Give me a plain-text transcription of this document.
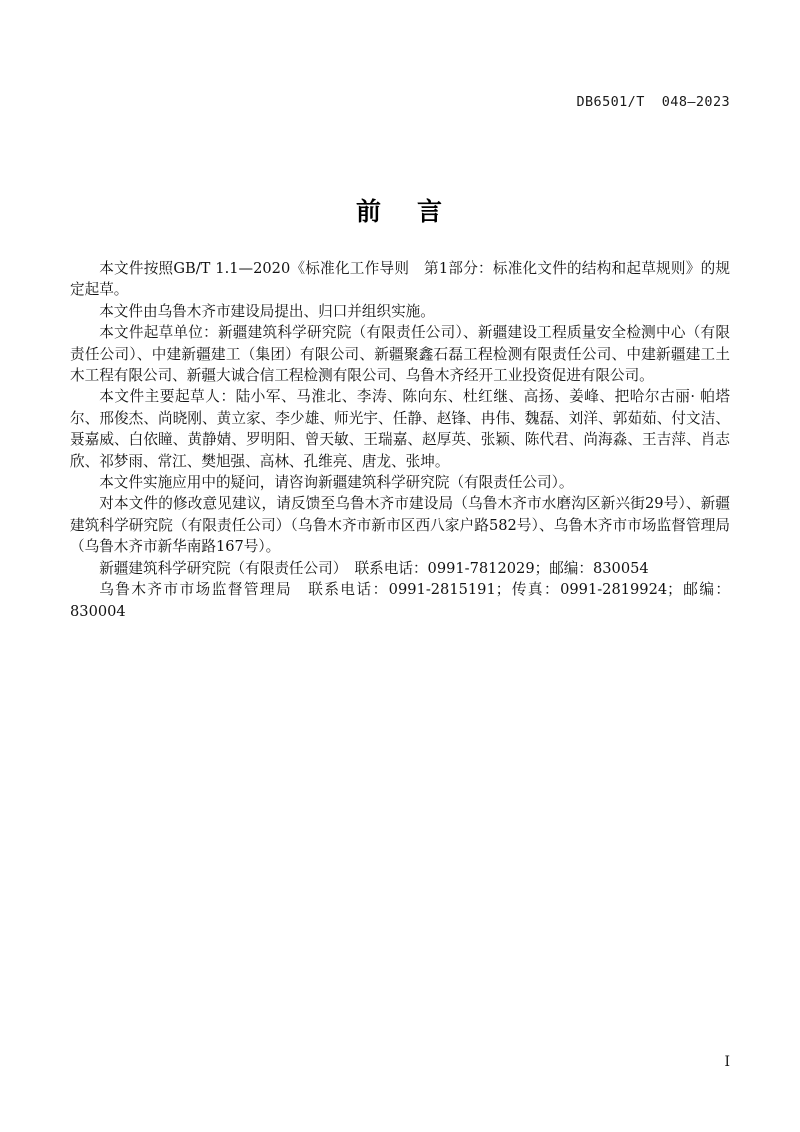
DB6501/T  048—2023
前 言

本文件按照GB/T 1.1—2020《标准化工作导则　第1部分：标准化文件的结构和起草规则》的规定起草。

本文件由乌鲁木齐市建设局提出、归口并组织实施。

本文件起草单位：新疆建筑科学研究院（有限责任公司）、新疆建设工程质量安全检测中心（有限责任公司）、中建新疆建工（集团）有限公司、新疆聚鑫石磊工程检测有限责任公司、中建新疆建工土木工程有限公司、新疆大诚合信工程检测有限公司、乌鲁木齐经开工业投资促进有限公司。

本文件主要起草人：陆小军、马淮北、李涛、陈向东、杜红继、高扬、姜峰、把哈尔古丽· 帕塔尔、邢俊杰、尚晓刚、黄立家、李少雄、师光宇、任静、赵锋、冉伟、魏磊、刘洋、郭茹茹、付文洁、聂嘉威、白依瞳、黄静婧、罗明阳、曾天敏、王瑞嘉、赵厚英、张颖、陈代君、尚海淼、王吉萍、肖志欣、祁梦雨、常江、樊旭强、高林、孔维亮、唐龙、张坤。

本文件实施应用中的疑问，请咨询新疆建筑科学研究院（有限责任公司）。

对本文件的修改意见建议，请反馈至乌鲁木齐市建设局（乌鲁木齐市水磨沟区新兴街29号）、新疆建筑科学研究院（有限责任公司）（乌鲁木齐市新市区西八家户路582号）、乌鲁木齐市市场监督管理局（乌鲁木齐市新华南路167号）。

新疆建筑科学研究院（有限责任公司）　联系电话：0991-7812029；邮编：830054

乌鲁木齐市市场监督管理局　联系电话：0991-2815191；传真：0991-2819924；邮编：830004

I
